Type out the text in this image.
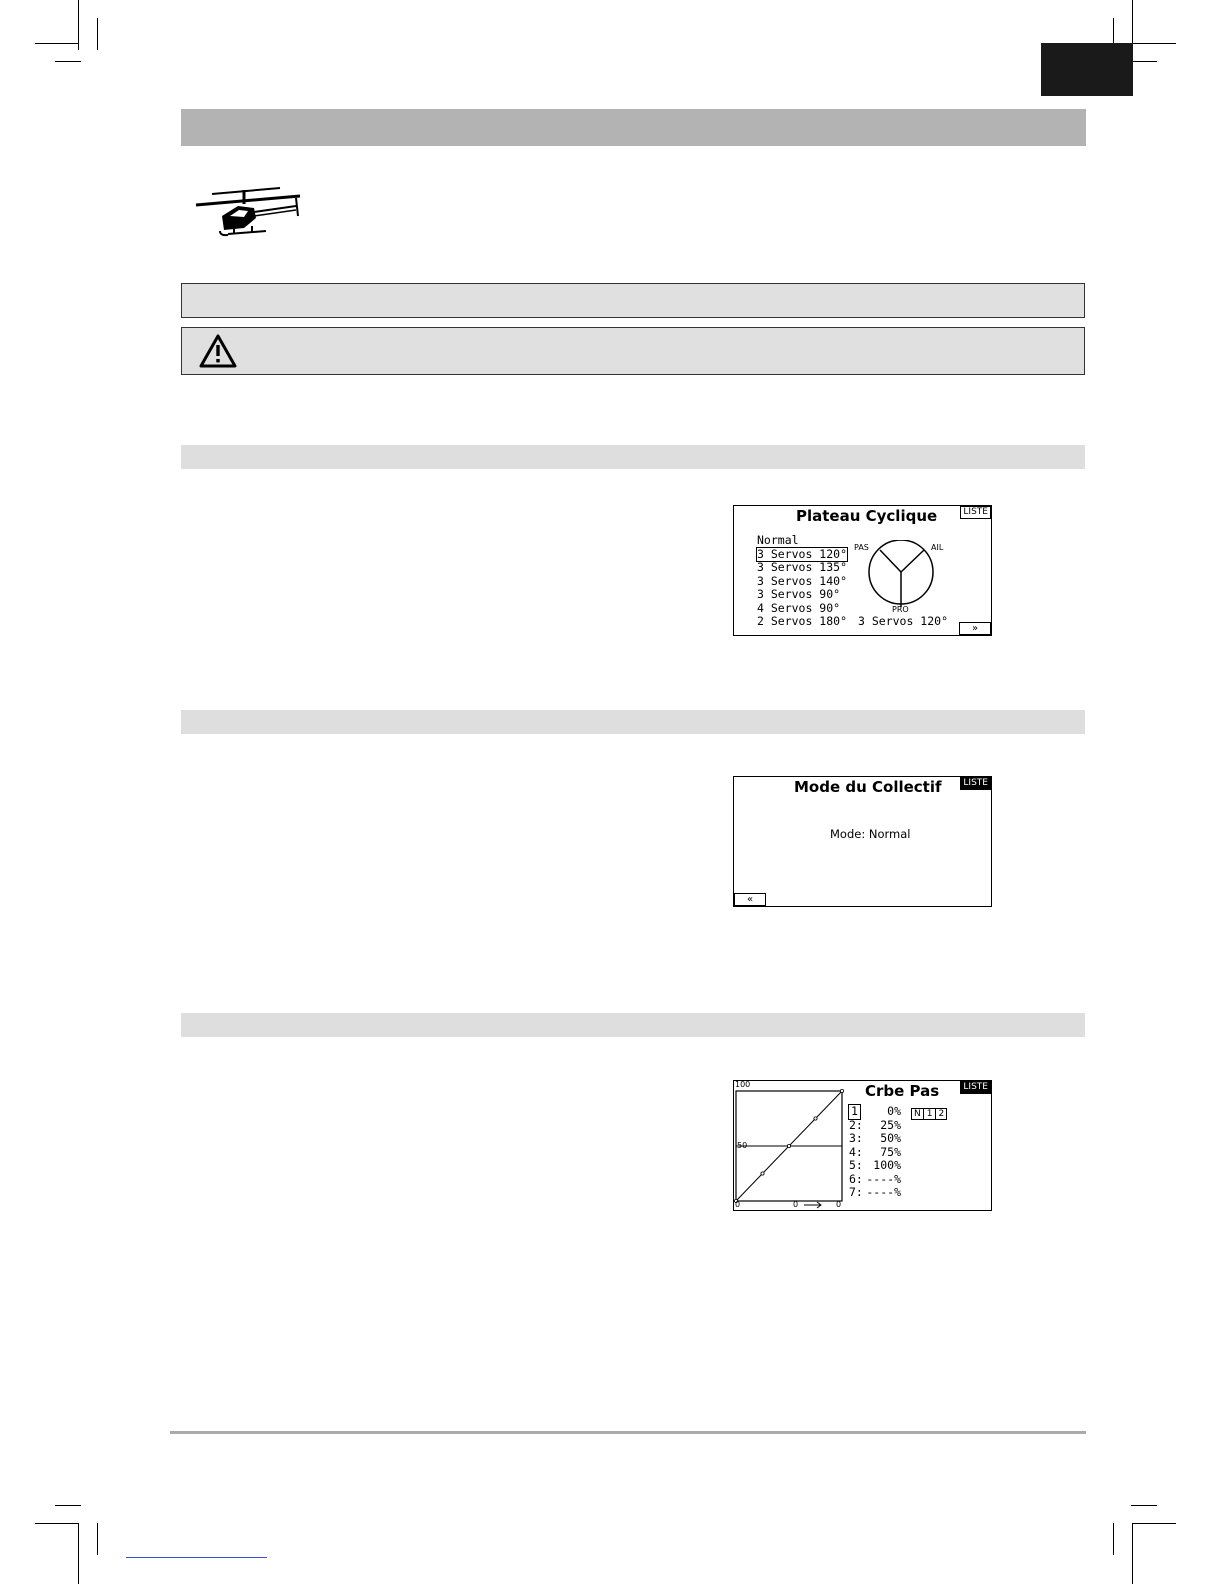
Plateau Cyclique	LISTE
Normal
3 Servos 120°
3 Servos 135°
3 Servos 140°
3 Servos 90°
4 Servos 90°
2 Servos 180°
PAS	AIL
PRO
3 Servos 120°
»
Mode du Collectif	LISTE
Mode: Normal
«
100
50
0	0	0
Crbe Pas	LISTE
1	0%
2: 25%
3: 50%
4: 75%
5: 100%
6: ----%
7: ----%
N 1 2
